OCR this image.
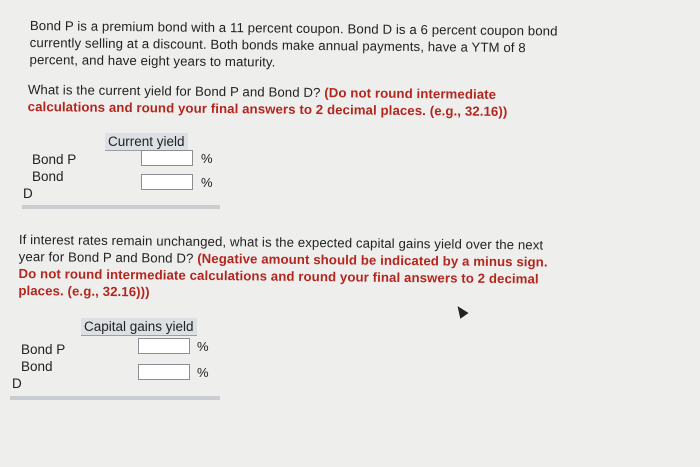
Bond P is a premium bond with a 11 percent coupon. Bond D is a 6 percent coupon bond
currently selling at a discount. Both bonds make annual payments, have a YTM of 8
percent, and have eight years to maturity.
What is the current yield for Bond P and Bond D? (Do not round intermediate
calculations and round your final answers to 2 decimal places. (e.g., 32.16))
Current yield
Bond P
Bond
D
%
%
If interest rates remain unchanged, what is the expected capital gains yield over the next
year for Bond P and Bond D? (Negative amount should be indicated by a minus sign.
Do not round intermediate calculations and round your final answers to 2 decimal
places. (e.g., 32.16)))
Capital gains yield
Bond P
Bond
D
%
%
